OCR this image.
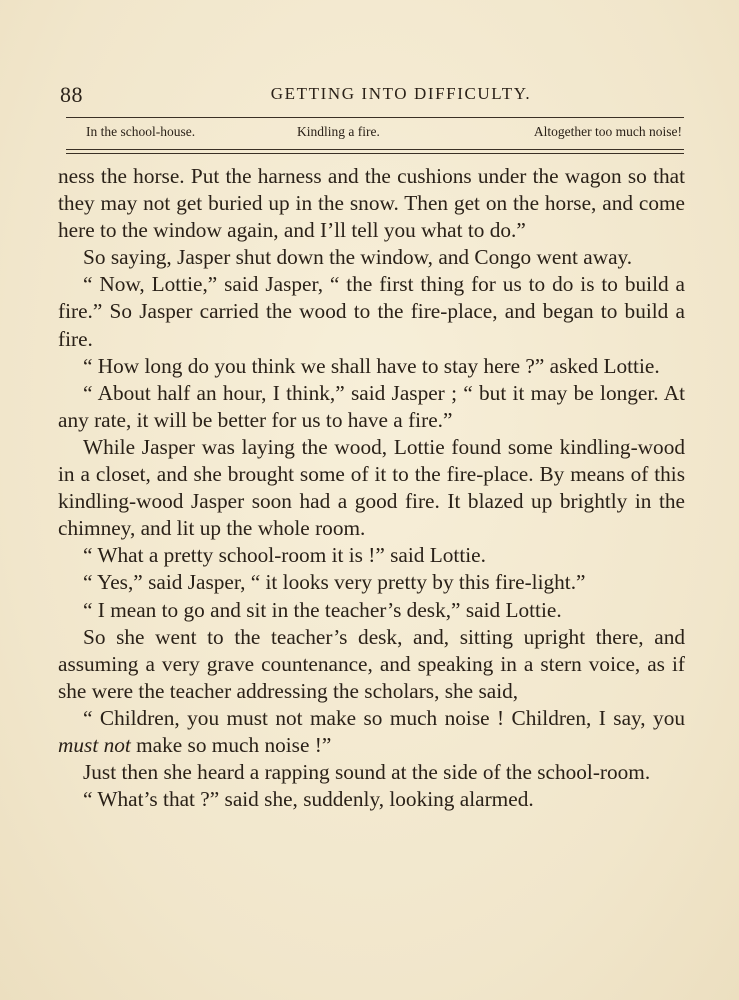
88	GETTING INTO DIFFICULTY.
In the school-house.	Kindling a fire.	Altogether too much noise!

ness the horse. Put the harness and the cushions under the wagon so that they may not get buried up in the snow. Then get on the horse, and come here to the window again, and I’ll tell you what to do.”

So saying, Jasper shut down the window, and Congo went away.

“ Now, Lottie,” said Jasper, “ the first thing for us to do is to build a fire.” So Jasper carried the wood to the fire-place, and began to build a fire.

“ How long do you think we shall have to stay here ?” asked Lottie.

“ About half an hour, I think,” said Jasper ; “ but it may be longer. At any rate, it will be better for us to have a fire.”

While Jasper was laying the wood, Lottie found some kindling-wood in a closet, and she brought some of it to the fire-place. By means of this kindling-wood Jasper soon had a good fire. It blazed up brightly in the chimney, and lit up the whole room.

“ What a pretty school-room it is !” said Lottie.

“ Yes,” said Jasper, “ it looks very pretty by this fire-light.”

“ I mean to go and sit in the teacher’s desk,” said Lottie.

So she went to the teacher’s desk, and, sitting upright there, and assuming a very grave countenance, and speaking in a stern voice, as if she were the teacher addressing the scholars, she said,

“ Children, you must not make so much noise ! Children, I say, you must not make so much noise !”

Just then she heard a rapping sound at the side of the school-room.

“ What’s that ?” said she, suddenly, looking alarmed.
